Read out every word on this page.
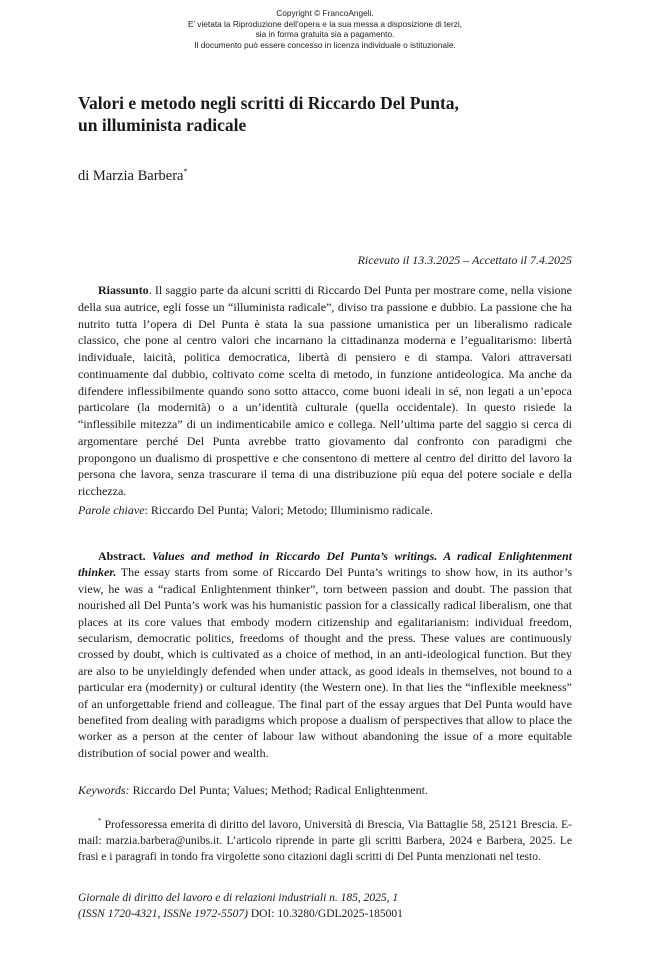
Copyright © FrancoAngeli.
E’ vietata la Riproduzione dell’opera e la sua messa a disposizione di terzi,
sia in forma gratuita sia a pagamento.
Il documento può essere concesso in licenza individuale o istituzionale.
Valori e metodo negli scritti di Riccardo Del Punta,
un illuminista radicale
di Marzia Barbera*
Ricevuto il 13.3.2025 – Accettato il 7.4.2025

Riassunto. Il saggio parte da alcuni scritti di Riccardo Del Punta per mostrare come, nella visione della sua autrice, egli fosse un “illuminista radicale”, diviso tra passione e dubbio. La passione che ha nutrito tutta l’opera di Del Punta è stata la sua passione umanistica per un liberalismo radicale classico, che pone al centro valori che incarnano la cittadinanza moderna e l’egualitarismo: libertà individuale, laicità, politica democratica, libertà di pensiero e di stampa. Valori attraversati continuamente dal dubbio, coltivato come scelta di metodo, in funzione antideologica. Ma anche da difendere inflessibilmente quando sono sotto attacco, come buoni ideali in sé, non legati a un’epoca particolare (la modernità) o a un’identità culturale (quella occidentale). In questo risiede la “inflessibile mitezza” di un indimenticabile amico e collega. Nell’ultima parte del saggio si cerca di argomentare perché Del Punta avrebbe tratto giovamento dal confronto con paradigmi che propongono un dualismo di prospettive e che consentono di mettere al centro del diritto del lavoro la persona che lavora, senza trascurare il tema di una distribuzione più equa del potere sociale e della ricchezza.

Parole chiave: Riccardo Del Punta; Valori; Metodo; Illuminismo radicale.

Abstract. Values and method in Riccardo Del Punta’s writings. A radical Enlightenment thinker. The essay starts from some of Riccardo Del Punta’s writings to show how, in its author’s view, he was a “radical Enlightenment thinker”, torn between passion and doubt. The passion that nourished all Del Punta’s work was his humanistic passion for a classically radical liberalism, one that places at its core values that embody modern citizenship and egalitarianism: individual freedom, secularism, democratic politics, freedoms of thought and the press. These values are continuously crossed by doubt, which is cultivated as a choice of method, in an anti-ideological function. But they are also to be unyieldingly defended when under attack, as good ideals in themselves, not bound to a particular era (modernity) or cultural identity (the Western one). In that lies the “inflexible meekness” of an unforgettable friend and colleague. The final part of the essay argues that Del Punta would have benefited from dealing with paradigms which propose a dualism of perspectives that allow to place the worker as a person at the center of labour law without abandoning the issue of a more equitable distribution of social power and wealth.

Keywords: Riccardo Del Punta; Values; Method; Radical Enlightenment.

* Professoressa emerita di diritto del lavoro, Università di Brescia, Via Battaglie 58, 25121 Brescia. E-mail: marzia.barbera@unibs.it. L’articolo riprende in parte gli scritti Barbera, 2024 e Barbera, 2025. Le frasi e i paragrafi in tondo fra virgolette sono citazioni dagli scritti di Del Punta menzionati nel testo.

Giornale di diritto del lavoro e di relazioni industriali n. 185, 2025, 1
(ISSN 1720-4321, ISSNe 1972-5507) DOI: 10.3280/GDL2025-185001
